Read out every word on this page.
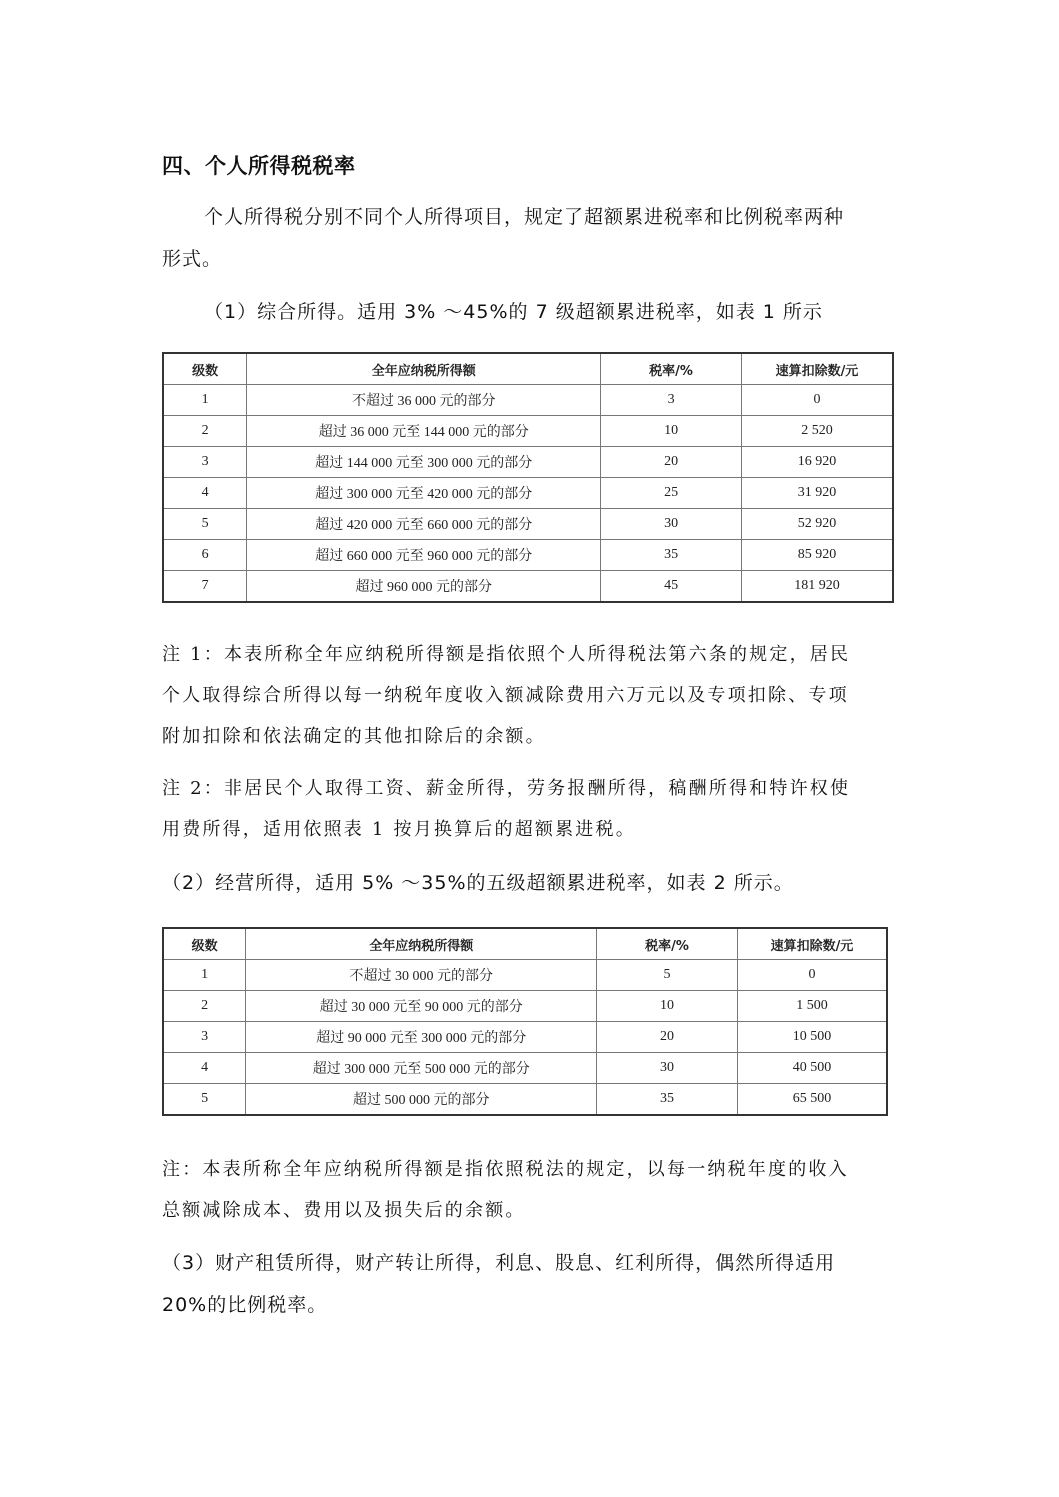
四、个人所得税税率

个人所得税分别不同个人所得项目，规定了超额累进税率和比例税率两种

形式。

（1）综合所得。适用 3% ～45%的 7 级超额累进税率，如表 1 所示

级数	全年应纳税所得额	税率/%	速算扣除数/元
1	不超过 36 000 元的部分	3	0
2	超过 36 000 元至 144 000 元的部分	10	2 520
3	超过 144 000 元至 300 000 元的部分	20	16 920
4	超过 300 000 元至 420 000 元的部分	25	31 920
5	超过 420 000 元至 660 000 元的部分	30	52 920
6	超过 660 000 元至 960 000 元的部分	35	85 920
7	超过 960 000 元的部分	45	181 920

注 1：本表所称全年应纳税所得额是指依照个人所得税法第六条的规定，居民

个人取得综合所得以每一纳税年度收入额减除费用六万元以及专项扣除、专项

附加扣除和依法确定的其他扣除后的余额。

注 2：非居民个人取得工资、薪金所得，劳务报酬所得，稿酬所得和特许权使

用费所得，适用依照表 1 按月换算后的超额累进税。

（2）经营所得，适用 5% ～35%的五级超额累进税率，如表 2 所示。

级数	全年应纳税所得额	税率/%	速算扣除数/元
1	不超过 30 000 元的部分	5	0
2	超过 30 000 元至 90 000 元的部分	10	1 500
3	超过 90 000 元至 300 000 元的部分	20	10 500
4	超过 300 000 元至 500 000 元的部分	30	40 500
5	超过 500 000 元的部分	35	65 500

注：本表所称全年应纳税所得额是指依照税法的规定，以每一纳税年度的收入

总额减除成本、费用以及损失后的余额。

（3）财产租赁所得，财产转让所得，利息、股息、红利所得，偶然所得适用

20%的比例税率。
